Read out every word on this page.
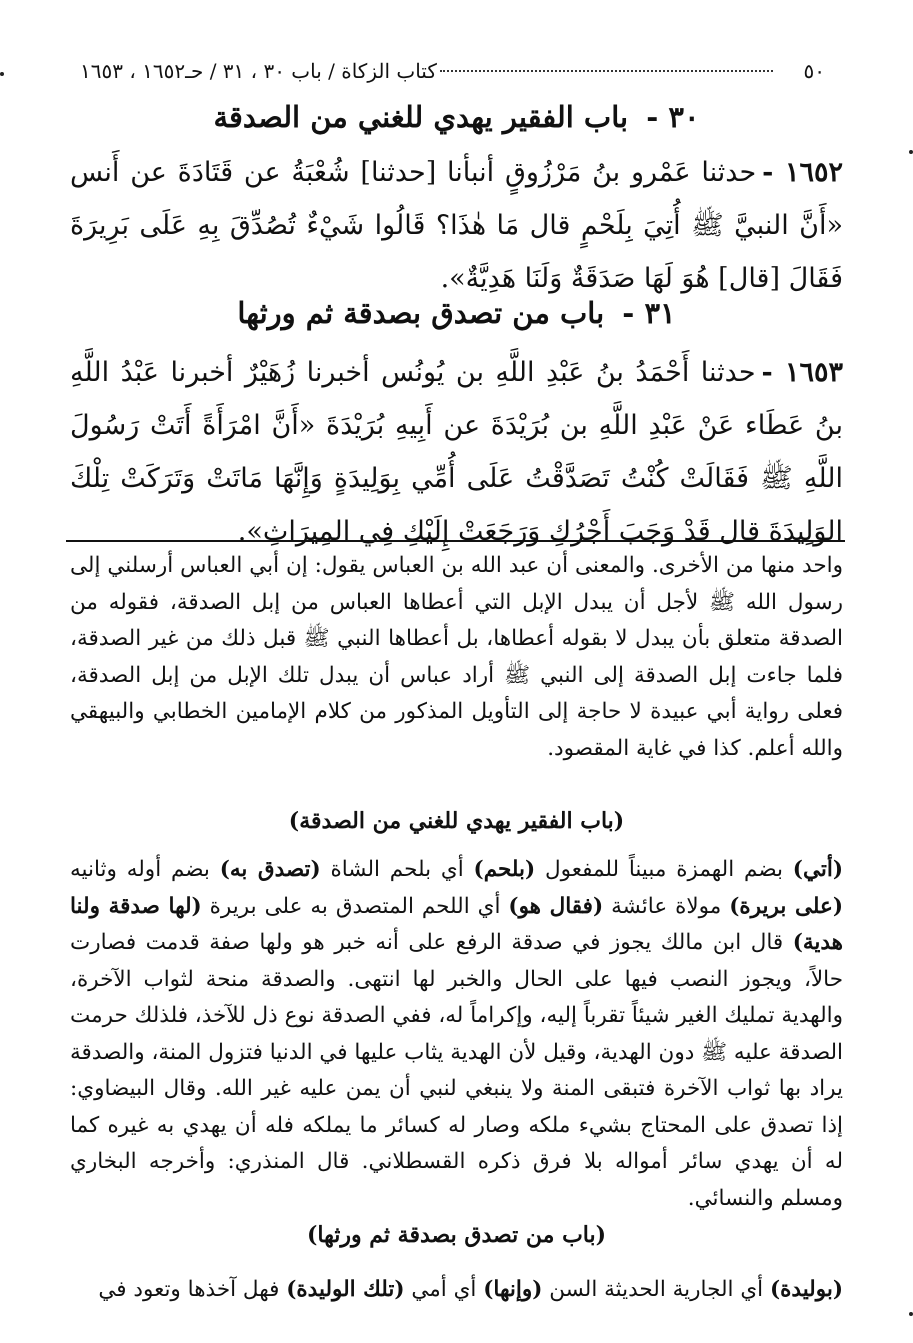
٥٠
كتاب الزكاة / باب ٣٠ ، ٣١ / حـ١٦٥٢ ، ١٦٥٣
٣٠ - باب الفقير يهدي للغني من الصدقة

١٦٥٢ -حدثنا عَمْرو بنُ مَرْزُوقٍ أنبأنا [حدثنا] شُعْبَةُ عن قَتَادَةَ عن أَنس «أَنَّ النبيَّ ﷺ أُتِيَ بِلَحْمٍ قال مَا هٰذَا؟ قَالُوا شَيْءٌ تُصُدِّقَ بِهِ عَلَى بَرِيرَةَ فَقَالَ [قال] هُوَ لَهَا صَدَقَةٌ وَلَنَا هَدِيَّةٌ».

٣١ - باب من تصدق بصدقة ثم ورثها

١٦٥٣ -حدثنا أَحْمَدُ بنُ عَبْدِ اللَّهِ بن يُونُس أخبرنا زُهَيْرٌ أخبرنا عَبْدُ اللَّهِ بنُ عَطَاء عَنْ عَبْدِ اللَّهِ بن بُرَيْدَةَ عن أَبِيهِ بُرَيْدَةَ «أَنَّ امْرَأَةً أَتَتْ رَسُولَ اللَّهِ ﷺ فَقَالَتْ كُنْتُ تَصَدَّقْتُ عَلَى أُمِّي بِوَلِيدَةٍ وَإِنَّهَا مَاتَتْ وَتَرَكَتْ تِلْكَ الوَلِيدَةَ قال قَدْ وَجَبَ أَجْرُكِ وَرَجَعَتْ إِلَيْكِ فِي المِيرَاثِ».

واحد منها من الأخرى. والمعنى أن عبد الله بن العباس يقول: إن أبي العباس أرسلني إلى رسول الله ﷺ لأجل أن يبدل الإبل التي أعطاها العباس من إبل الصدقة، فقوله من الصدقة متعلق بأن يبدل لا بقوله أعطاها، بل أعطاها النبي ﷺ قبل ذلك من غير الصدقة، فلما جاءت إبل الصدقة إلى النبي ﷺ أراد عباس أن يبدل تلك الإبل من إبل الصدقة، فعلى رواية أبي عبيدة لا حاجة إلى التأويل المذكور من كلام الإمامين الخطابي والبيهقي والله أعلم. كذا في غاية المقصود.

(باب الفقير يهدي للغني من الصدقة)

(أتي) بضم الهمزة مبيناً للمفعول (بلحم) أي بلحم الشاة (تصدق به) بضم أوله وثانيه (على بريرة) مولاة عائشة (فقال هو) أي اللحم المتصدق به على بريرة (لها صدقة ولنا هدية) قال ابن مالك يجوز في صدقة الرفع على أنه خبر هو ولها صفة قدمت فصارت حالاً، ويجوز النصب فيها على الحال والخبر لها انتهى. والصدقة منحة لثواب الآخرة، والهدية تمليك الغير شيئاً تقرباً إليه، وإكراماً له، ففي الصدقة نوع ذل للآخذ، فلذلك حرمت الصدقة عليه ﷺ دون الهدية، وقيل لأن الهدية يثاب عليها في الدنيا فتزول المنة، والصدقة يراد بها ثواب الآخرة فتبقى المنة ولا ينبغي لنبي أن يمن عليه غير الله. وقال البيضاوي: إذا تصدق على المحتاج بشيء ملكه وصار له كسائر ما يملكه فله أن يهدي به غيره كما له أن يهدي سائر أمواله بلا فرق ذكره القسطلاني. قال المنذري: وأخرجه البخاري ومسلم والنسائي.

(باب من تصدق بصدقة ثم ورثها)

(بوليدة) أي الجارية الحديثة السن (وإنها) أي أمي (تلك الوليدة) فهل آخذها وتعود في
